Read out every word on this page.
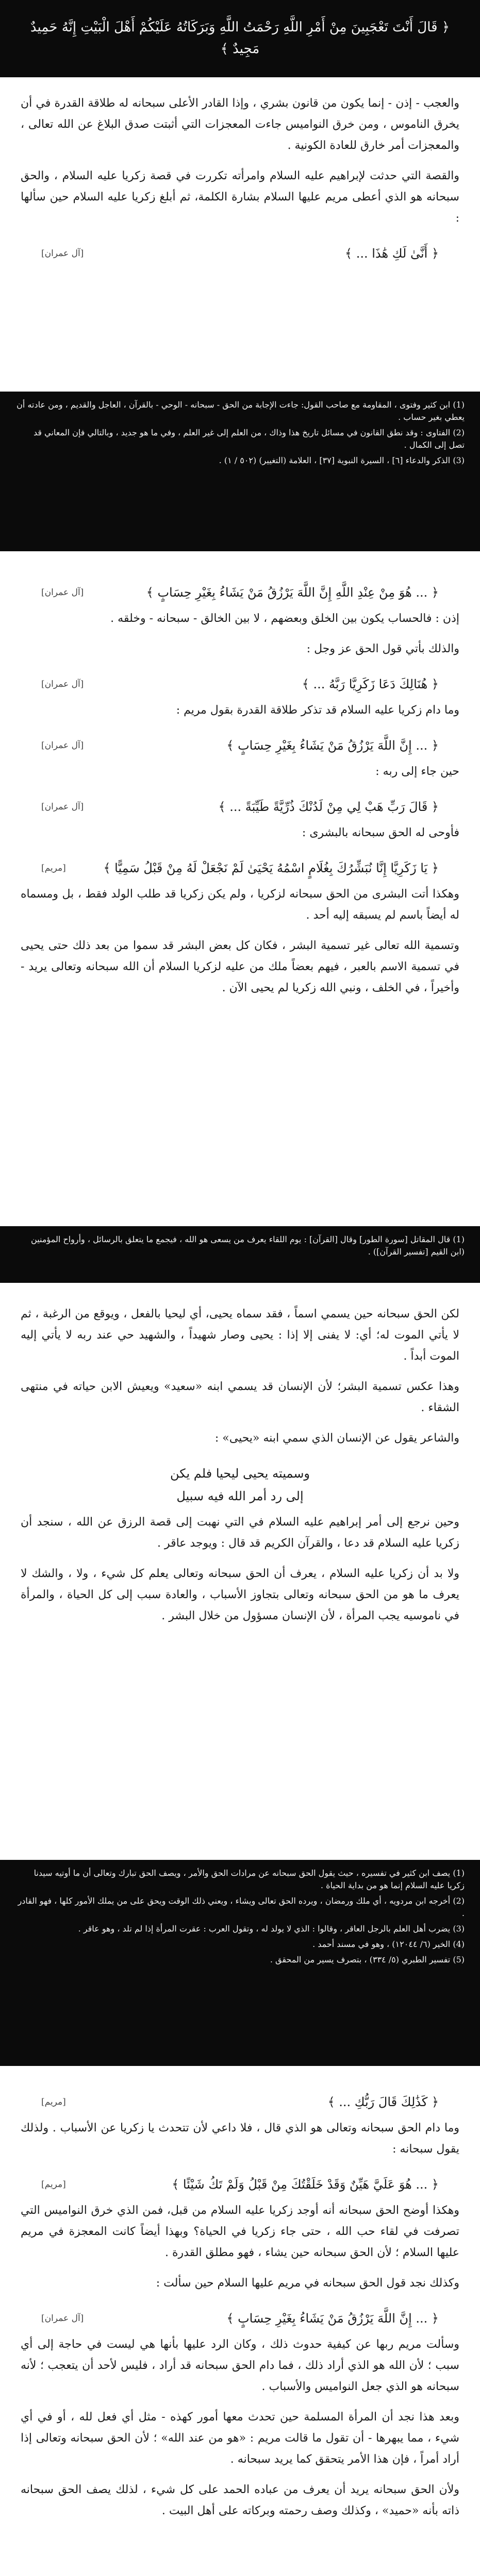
﴿ قَالَ أَنْتَ تَعْجَبِينَ مِنْ أَمْرِ اللَّهِ رَحْمَتُ اللَّهِ وَبَرَكَاتُهُ عَلَيْكُمْ أَهْلَ الْبَيْتِ إِنَّهُ حَمِيدٌ مَجِيدٌ ﴾

والعجب - إذن - إنما يكون من قانون بشري ، وإذا القادر الأعلى سبحانه له طلاقة القدرة في أن يخرق الناموس ، ومن خرق النواميس جاءت المعجزات التي أثبتت صدق البلاغ عن الله تعالى ، والمعجزات أمر خارق للعادة الكونية .

والقصة التي حدثت لإبراهيم عليه السلام وامرأته تكررت في قصة زكريا عليه السلام ، والحق سبحانه هو الذي أعطى مريم عليها السلام بشارة الكلمة، ثم أبلغ زكريا عليه السلام حين سألها :

﴿ أَنَّىٰ لَكِ هَٰذَا ... ﴾
[آل عمران]

(1) ابن كثير وفتوى ، المقاومة مع صاحب القول: جاءت الإجابة من الحق - سبحانه - الوحي - بالقرآن ، العاجل والقديم ، ومن عادته أن يعطي بغير حساب .

(2) الفتاوى : وقد نطق القانون في مسائل تاريخ هذا وذاك ، من العلم إلى غير العلم ، وفي ما هو جديد ، وبالتالي فإن المعاني قد تصل إلى الكمال .

(3) الذكر والدعاء [٦] ، السيرة النبوية [٣٧] ، العلامة (التغيير) (٥٠٢ / ١) .

﴿ ... هُوَ مِنْ عِنْدِ اللَّهِ إِنَّ اللَّهَ يَرْزُقُ مَنْ يَشَاءُ بِغَيْرِ حِسَابٍ ﴾
[آل عمران]

إذن : فالحساب يكون بين الخلق وبعضهم ، لا بين الخالق - سبحانه - وخلقه .

والذلك بأتي قول الحق عز وجل :

﴿ هُنَالِكَ دَعَا زَكَرِيَّا رَبَّهُ ... ﴾
[آل عمران]

وما دام زكريا عليه السلام قد تذكر طلاقة القدرة بقول مريم :

﴿ ... إِنَّ اللَّهَ يَرْزُقُ مَنْ يَشَاءُ بِغَيْرِ حِسَابٍ ﴾
[آل عمران]

حين جاء إلى ربه :

﴿ قَالَ رَبِّ هَبْ لِي مِنْ لَدُنْكَ ذُرِّيَّةً طَيِّبَةً ... ﴾
[آل عمران]

فأوحى له الحق سبحانه بالبشرى :

﴿ يَا زَكَرِيَّا إِنَّا نُبَشِّرُكَ بِغُلَامٍ اسْمُهُ يَحْيَىٰ لَمْ نَجْعَلْ لَهُ مِنْ قَبْلُ سَمِيًّا ﴾
[مريم]

وهكذا أتت البشرى من الحق سبحانه لزكريا ، ولم يكن زكريا قد طلب الولد فقط ، بل ومسماه له أيضاً باسم لم يسبقه إليه أحد .

وتسمية الله تعالى غير تسمية البشر ، فكان كل بعض البشر قد سموا من بعد ذلك حتى يحيى في تسمية الاسم بالعبر ، فيهم بعضاً ملك من عليه لزكريا السلام أن الله سبحانه وتعالى يريد - وأخيراً ، في الخلف ، ونبي الله زكريا لم يحيى الآن .

(1) قال المقاتل [سورة الطور] وقال [القرآن] : يوم اللقاء يعرف من يسعى هو الله ، فيجمع ما يتعلق بالرسائل ، وأرواح المؤمنين (ابن القيم [تفسير القرآن]) .

لكن الحق سبحانه حين يسمي اسماً ، فقد سماه يحيى، أي ليحيا بالفعل ، ويوقع من الرغبة ، ثم لا يأتي الموت له؛ أي: لا يفنى إلا إذا : يحيى وصار شهيداً ، والشهيد حي عند ربه لا يأتي إليه الموت أبداً .

وهذا عكس تسمية البشر؛ لأن الإنسان قد يسمي ابنه «سعيد» ويعيش الابن حياته في منتهى الشقاء .

والشاعر يقول عن الإنسان الذي سمي ابنه «يحيى» :

وسميته يحيى ليحيا فلم يكن
إلى رد أمر الله فيه سبيل

وحين نرجع إلى أمر إبراهيم عليه السلام في التي نهبت إلى قصة الرزق عن الله ، سنجد أن زكريا عليه السلام قد دعا ، والقرآن الكريم قد قال : ويوجد عاقر .

ولا بد أن زكريا عليه السلام ، يعرف أن الحق سبحانه وتعالى يعلم كل شيء ، ولا ، والشك لا يعرف ما هو من الحق سبحانه وتعالى بتجاوز الأسباب ، والعادة سبب إلى كل الحياة ، والمرأة في ناموسيه يجب المرأة ، لأن الإنسان مسؤول من خلال البشر .

(1) يصف ابن كثير في تفسيره ، حيث يقول الحق سبحانه عن مرادات الحق والأمر ، ويصف الحق تبارك وتعالى أن ما أوتيه سيدنا زكريا عليه السلام إنما هو من بداية الحياة .

(2) أخرجه ابن مردويه ، أي ملك ورمضان ، ويرده الحق تعالى ويشاء ، ويعني ذلك الوقت ويحق على من يملك الأمور كلها ، فهو القادر .

(3) يضرب أهل العلم بالرجل العاقر ، وقالوا : الذي لا يولد له ، وتقول العرب : عقرت المرأة إذا لم تلد ، وهو عاقر .

(4) الخير (٦/ ١٢٠٤٤) ، وهو في مسند أحمد .

(5) تفسير الطبري (٥/ ٣٣٤) ، بتصرف يسير من المحقق .

﴿ كَذَٰلِكَ قَالَ رَبُّكِ ... ﴾
[مريم]

وما دام الحق سبحانه وتعالى هو الذي قال ، فلا داعي لأن تتحدث يا زكريا عن الأسباب . ولذلك يقول سبحانه :

﴿ ... هُوَ عَلَيَّ هَيِّنٌ وَقَدْ خَلَقْتُكَ مِنْ قَبْلُ وَلَمْ تَكُ شَيْئًا ﴾
[مريم]

وهكذا أوضح الحق سبحانه أنه أوجد زكريا عليه السلام من قبل، فمن الذي خرق النواميس التي تصرفت في لقاء حب الله ، حتى جاء زكريا في الحياة؟ وبهذا أيضاً كانت المعجزة في مريم عليها السلام ؛ لأن الحق سبحانه حين يشاء ، فهو مطلق القدرة .

وكذلك نجد قول الحق سبحانه في مريم عليها السلام حين سألت :

﴿ ... إِنَّ اللَّهَ يَرْزُقُ مَنْ يَشَاءُ بِغَيْرِ حِسَابٍ ﴾
[آل عمران]

وسألت مريم ربها عن كيفية حدوث ذلك ، وكان الرد عليها بأنها هي ليست في حاجة إلى أي سبب ؛ لأن الله هو الذي أراد ذلك ، فما دام الحق سبحانه قد أراد ، فليس لأحد أن يتعجب ؛ لأنه سبحانه هو الذي جعل النواميس والأسباب .

وبعد هذا نجد أن المرأة المسلمة حين تحدث معها أمور كهذه - مثل أي فعل لله ، أو في أي شيء ، مما يبهرها - أن تقول ما قالت مريم : «هو من عند الله» ؛ لأن الحق سبحانه وتعالى إذا أراد أمراً ، فإن هذا الأمر يتحقق كما يريد سبحانه .

ولأن الحق سبحانه يريد أن يعرف من عباده الحمد على كل شيء ، لذلك يصف الحق سبحانه ذاته بأنه «حميد» ، وكذلك وصف رحمته وبركاته على أهل البيت .
